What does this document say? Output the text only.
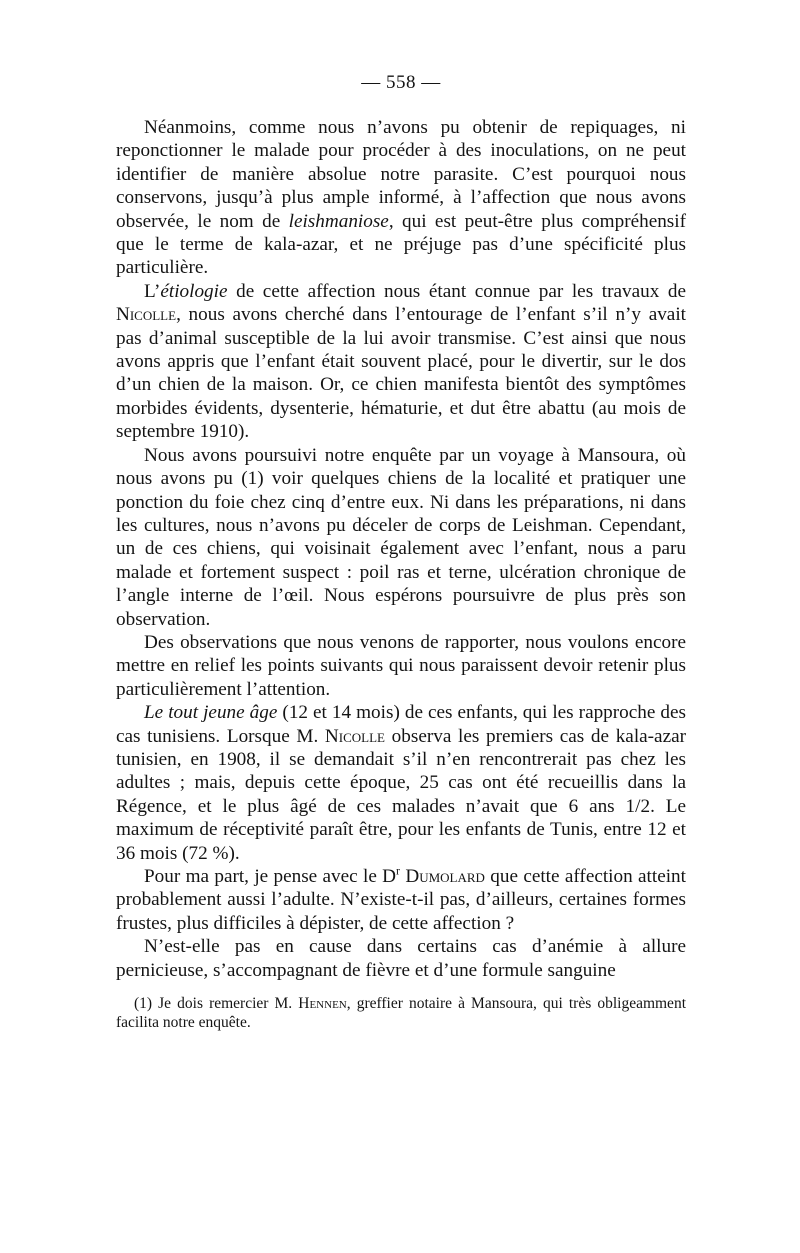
— 558 —

Néanmoins, comme nous n’avons pu obtenir de repiquages, ni reponctionner le malade pour procéder à des inoculations, on ne peut identifier de manière absolue notre parasite. C’est pourquoi nous conservons, jusqu’à plus ample informé, à l’affection que nous avons observée, le nom de leishmaniose, qui est peut-être plus compréhensif que le terme de kala-azar, et ne préjuge pas d’une spécificité plus particulière.

L’étiologie de cette affection nous étant connue par les travaux de Nicolle, nous avons cherché dans l’entourage de l’enfant s’il n’y avait pas d’animal susceptible de la lui avoir transmise. C’est ainsi que nous avons appris que l’enfant était souvent placé, pour le divertir, sur le dos d’un chien de la maison. Or, ce chien manifesta bientôt des symptômes morbides évidents, dysenterie, hématurie, et dut être abattu (au mois de septembre 1910).

Nous avons poursuivi notre enquête par un voyage à Mansoura, où nous avons pu (1) voir quelques chiens de la localité et pratiquer une ponction du foie chez cinq d’entre eux. Ni dans les préparations, ni dans les cultures, nous n’avons pu déceler de corps de Leishman. Cependant, un de ces chiens, qui voisinait également avec l’enfant, nous a paru malade et fortement suspect : poil ras et terne, ulcération chronique de l’angle interne de l’œil. Nous espérons poursuivre de plus près son observation.

Des observations que nous venons de rapporter, nous voulons encore mettre en relief les points suivants qui nous paraissent devoir retenir plus particulièrement l’attention.

Le tout jeune âge (12 et 14 mois) de ces enfants, qui les rapproche des cas tunisiens. Lorsque M. Nicolle observa les premiers cas de kala-azar tunisien, en 1908, il se demandait s’il n’en rencontrerait pas chez les adultes ; mais, depuis cette époque, 25 cas ont été recueillis dans la Régence, et le plus âgé de ces malades n’avait que 6 ans 1/2. Le maximum de réceptivité paraît être, pour les enfants de Tunis, entre 12 et 36 mois (72 %).

Pour ma part, je pense avec le $D^r$ Dumolard que cette affection atteint probablement aussi l’adulte. N’existe-t-il pas, d’ailleurs, certaines formes frustes, plus difficiles à dépister, de cette affection ?

N’est-elle pas en cause dans certains cas d’anémie à allure pernicieuse, s’accompagnant de fièvre et d’une formule sanguine

(1) Je dois remercier M. Hennen, greffier notaire à Mansoura, qui très obligeamment facilita notre enquête.
